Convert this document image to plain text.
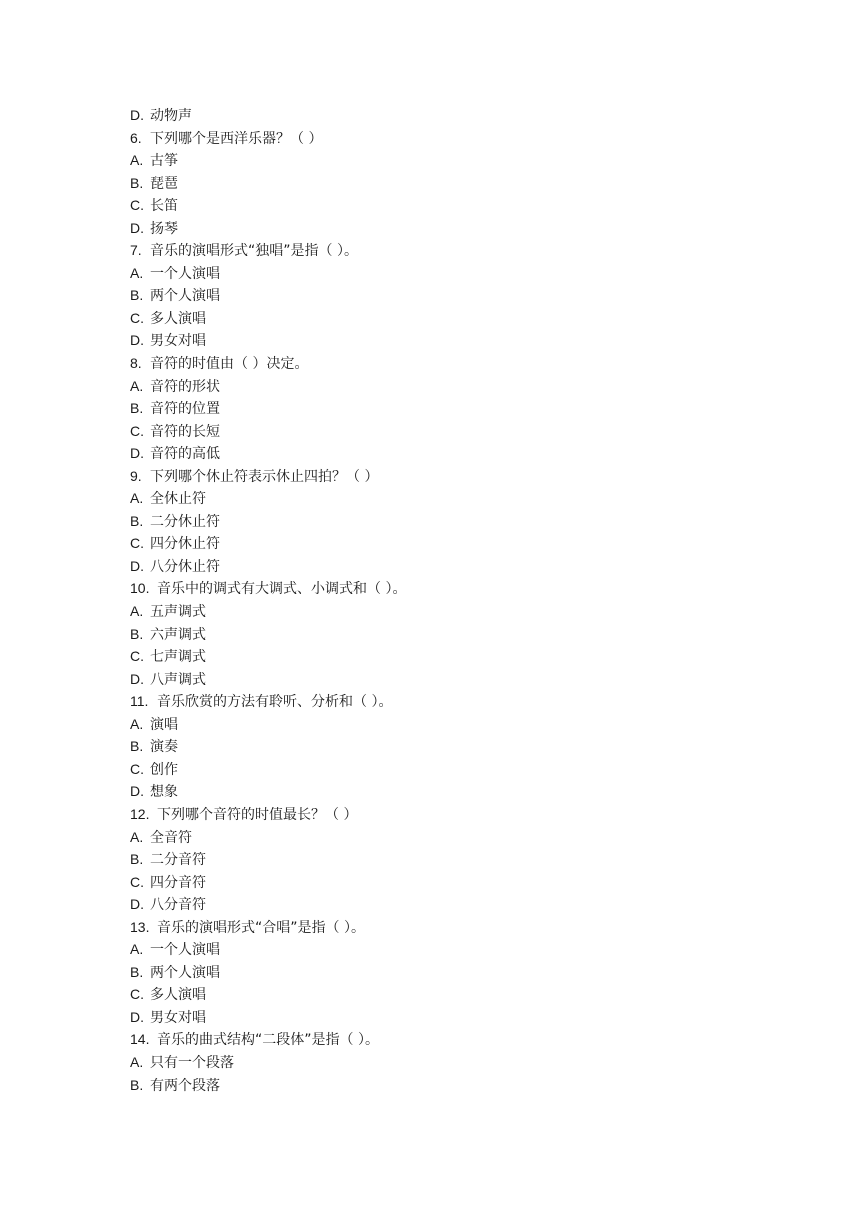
D. 动物声
6. 下列哪个是西洋乐器？（ ）
A. 古筝
B. 琵琶
C. 长笛
D. 扬琴
7. 音乐的演唱形式“独唱”是指（ ）。
A. 一个人演唱
B. 两个人演唱
C. 多人演唱
D. 男女对唱
8. 音符的时值由（ ）决定。
A. 音符的形状
B. 音符的位置
C. 音符的长短
D. 音符的高低
9. 下列哪个休止符表示休止四拍？（ ）
A. 全休止符
B. 二分休止符
C. 四分休止符
D. 八分休止符
10. 音乐中的调式有大调式、小调式和（ ）。
A. 五声调式
B. 六声调式
C. 七声调式
D. 八声调式
11. 音乐欣赏的方法有聆听、分析和（ ）。
A. 演唱
B. 演奏
C. 创作
D. 想象
12. 下列哪个音符的时值最长？（ ）
A. 全音符
B. 二分音符
C. 四分音符
D. 八分音符
13. 音乐的演唱形式“合唱”是指（ ）。
A. 一个人演唱
B. 两个人演唱
C. 多人演唱
D. 男女对唱
14. 音乐的曲式结构“二段体”是指（ ）。
A. 只有一个段落
B. 有两个段落
